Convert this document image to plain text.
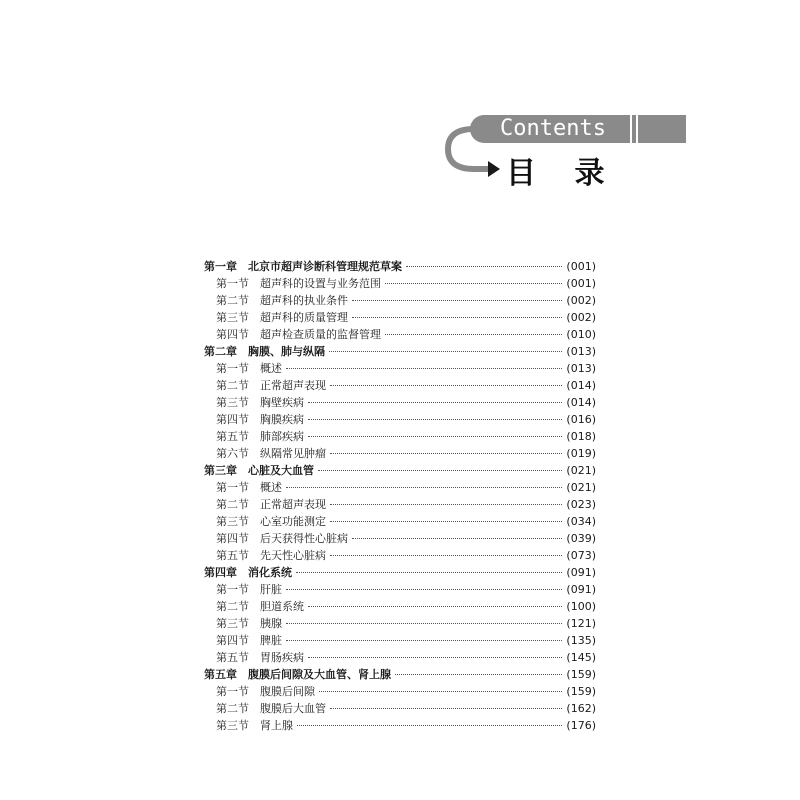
Contents
目 录
第一章	北京市超声诊断科管理规范草案	(001)
第一节	超声科的设置与业务范围	(001)
第二节	超声科的执业条件	(002)
第三节	超声科的质量管理	(002)
第四节	超声检查质量的监督管理	(010)
第二章	胸膜、肺与纵隔	(013)
第一节	概述	(013)
第二节	正常超声表现	(014)
第三节	胸壁疾病	(014)
第四节	胸膜疾病	(016)
第五节	肺部疾病	(018)
第六节	纵隔常见肿瘤	(019)
第三章	心脏及大血管	(021)
第一节	概述	(021)
第二节	正常超声表现	(023)
第三节	心室功能测定	(034)
第四节	后天获得性心脏病	(039)
第五节	先天性心脏病	(073)
第四章	消化系统	(091)
第一节	肝脏	(091)
第二节	胆道系统	(100)
第三节	胰腺	(121)
第四节	脾脏	(135)
第五节	胃肠疾病	(145)
第五章	腹膜后间隙及大血管、肾上腺	(159)
第一节	腹膜后间隙	(159)
第二节	腹膜后大血管	(162)
第三节	肾上腺	(176)
